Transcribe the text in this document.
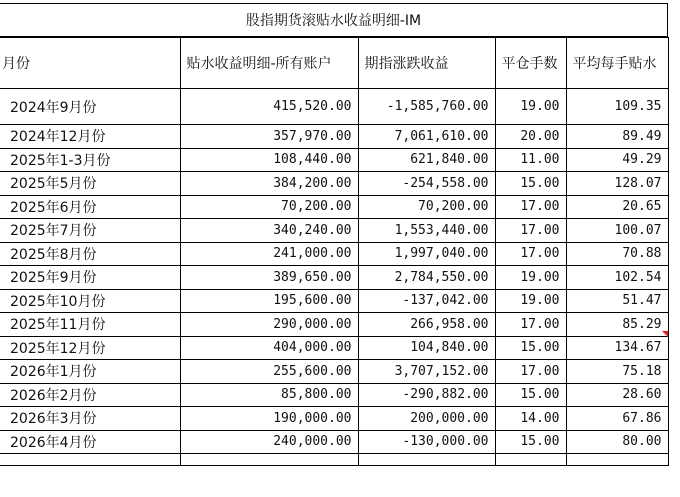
股指期货滚贴水收益明细-IM
月份	贴水收益明细-所有账户	期指涨跌收益	平仓手数	平均每手贴水
2024年9月份	415,520.00	-1,585,760.00	19.00	109.35
2024年12月份	357,970.00	7,061,610.00	20.00	89.49
2025年1-3月份	108,440.00	621,840.00	11.00	49.29
2025年5月份	384,200.00	-254,558.00	15.00	128.07
2025年6月份	70,200.00	70,200.00	17.00	20.65
2025年7月份	340,240.00	1,553,440.00	17.00	100.07
2025年8月份	241,000.00	1,997,040.00	17.00	70.88
2025年9月份	389,650.00	2,784,550.00	19.00	102.54
2025年10月份	195,600.00	-137,042.00	19.00	51.47
2025年11月份	290,000.00	266,958.00	17.00	85.29
2025年12月份	404,000.00	104,840.00	15.00	134.67
2026年1月份	255,600.00	3,707,152.00	17.00	75.18
2026年2月份	85,800.00	-290,882.00	15.00	28.60
2026年3月份	190,000.00	200,000.00	14.00	67.86
2026年4月份	240,000.00	-130,000.00	15.00	80.00
